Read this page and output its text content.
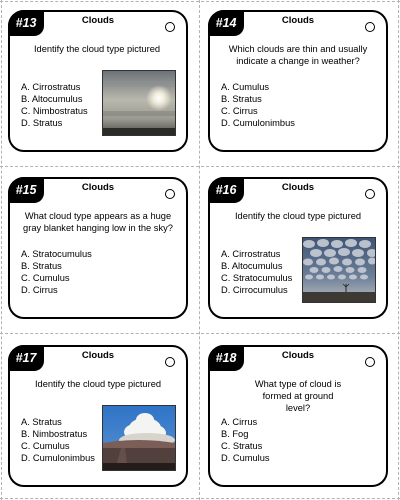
#13	Clouds
Identify the cloud type pictured
A. Cirrostratus
B. Altocumulus
C. Nimbostratus
D. Stratus
#14	Clouds
Which clouds are thin and usually indicate a change in weather?
A. Cumulus
B. Stratus
C. Cirrus
D. Cumulonimbus
#15	Clouds
What cloud type appears as a huge gray blanket hanging low in the sky?
A. Stratocumulus
B. Stratus
C. Cumulus
D. Cirrus
#16	Clouds
Identify the cloud type pictured
A. Cirrostratus
B. Altocumulus
C. Stratocumulus
D. Cirrocumulus
#17	Clouds
Identify the cloud type pictured
A. Stratus
B. Nimbostratus
C. Cumulus
D. Cumulonimbus
#18	Clouds
What type of cloud is formed at ground level?
A. Cirrus
B. Fog
C. Stratus
D. Cumulus
